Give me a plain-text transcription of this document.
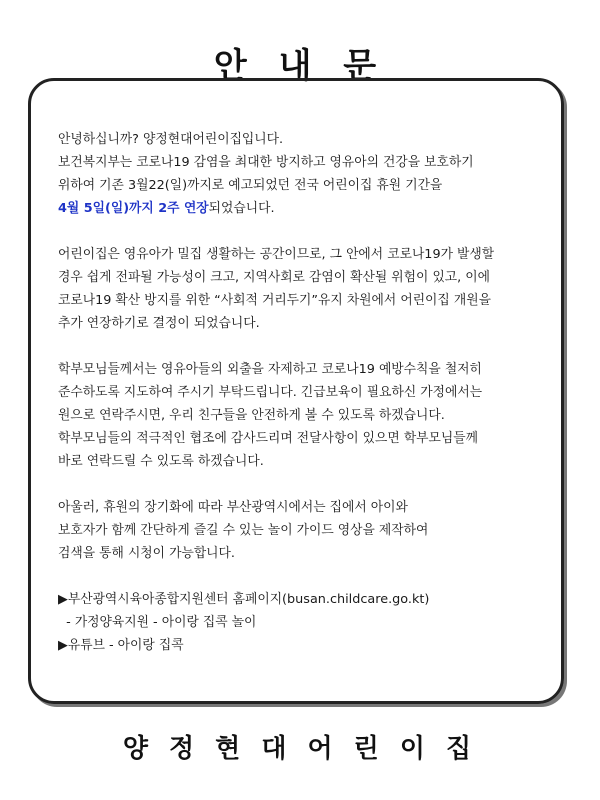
안 내 문

안녕하십니까? 양정현대어린이집입니다.
보건복지부는 코로나19 감염을 최대한 방지하고 영유아의 건강을 보호하기
위하여 기존 3월22(일)까지로 예고되었던 전국 어린이집 휴원 기간을
4월 5일(일)까지 2주 연장되었습니다.

어린이집은 영유아가 밀집 생활하는 공간이므로, 그 안에서 코로나19가 발생할
경우 쉽게 전파될 가능성이 크고, 지역사회로 감염이 확산될 위험이 있고, 이에
코로나19 확산 방지를 위한 “사회적 거리두기”유지 차원에서 어린이집 개원을
추가 연장하기로 결정이 되었습니다.

학부모님들께서는 영유아들의 외출을 자제하고 코로나19 예방수칙을 철저히
준수하도록 지도하여 주시기 부탁드립니다. 긴급보육이 필요하신 가정에서는
원으로 연락주시면, 우리 친구들을 안전하게 볼 수 있도록 하겠습니다.
학부모님들의 적극적인 협조에 감사드리며 전달사항이 있으면 학부모님들께
바로 연락드릴 수 있도록 하겠습니다.

아울러, 휴원의 장기화에 따라 부산광역시에서는 집에서 아이와
보호자가 함께 간단하게 즐길 수 있는 놀이 가이드 영상을 제작하여
검색을 통해 시청이 가능합니다.

▶부산광역시육아종합지원센터 홈페이지(busan.childcare.go.kt)
- 가정양육지원 - 아이랑 집콕 놀이
▶유튜브 - 아이랑 집콕

양 정 현 대 어 린 이 집
